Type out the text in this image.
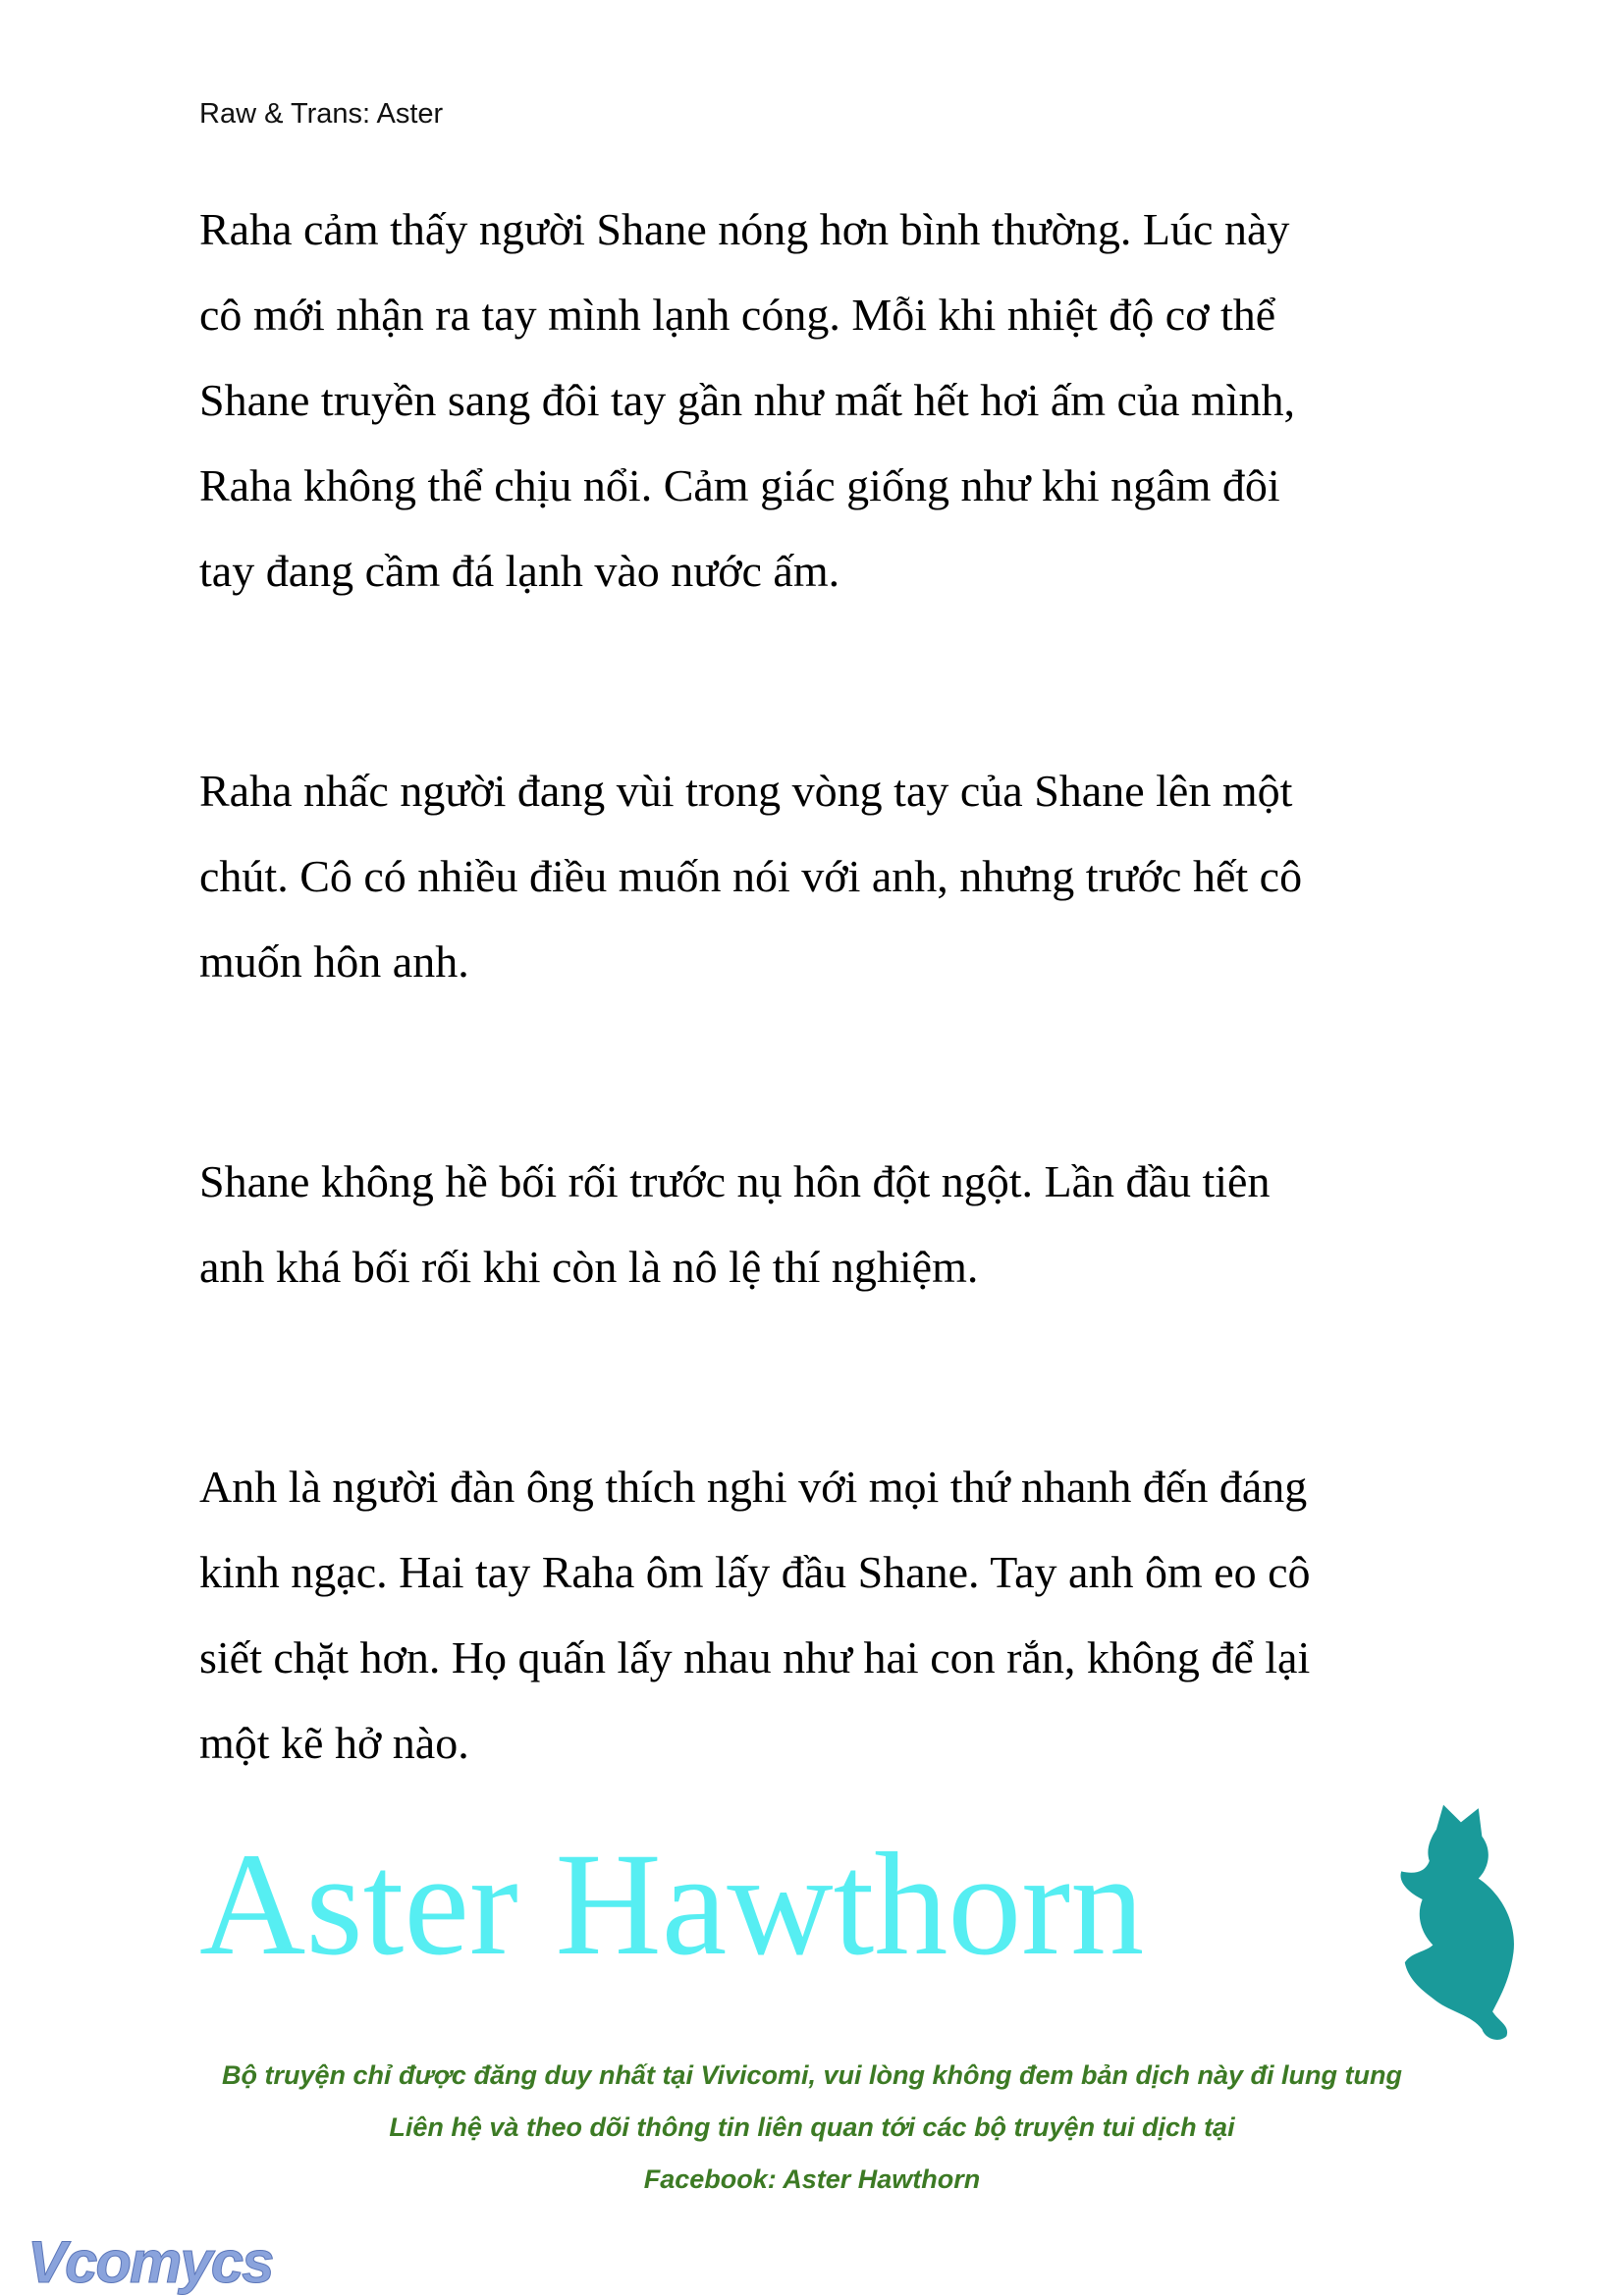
Raw & Trans: Aster
Raha cảm thấy người Shane nóng hơn bình thường. Lúc này
cô mới nhận ra tay mình lạnh cóng. Mỗi khi nhiệt độ cơ thể
Shane truyền sang đôi tay gần như mất hết hơi ấm của mình,
Raha không thể chịu nổi. Cảm giác giống như khi ngâm đôi
tay đang cầm đá lạnh vào nước ấm.
Raha nhấc người đang vùi trong vòng tay của Shane lên một
chút. Cô có nhiều điều muốn nói với anh, nhưng trước hết cô
muốn hôn anh.
Shane không hề bối rối trước nụ hôn đột ngột. Lần đầu tiên
anh khá bối rối khi còn là nô lệ thí nghiệm.
Anh là người đàn ông thích nghi với mọi thứ nhanh đến đáng
kinh ngạc. Hai tay Raha ôm lấy đầu Shane. Tay anh ôm eo cô
siết chặt hơn. Họ quấn lấy nhau như hai con rắn, không để lại
một kẽ hở nào.
Aster Hawthorn
Bộ truyện chỉ được đăng duy nhất tại Vivicomi, vui lòng không đem bản dịch này đi lung tung
Liên hệ và theo dõi thông tin liên quan tới các bộ truyện tui dịch tại
Facebook: Aster Hawthorn
Vcomycs
